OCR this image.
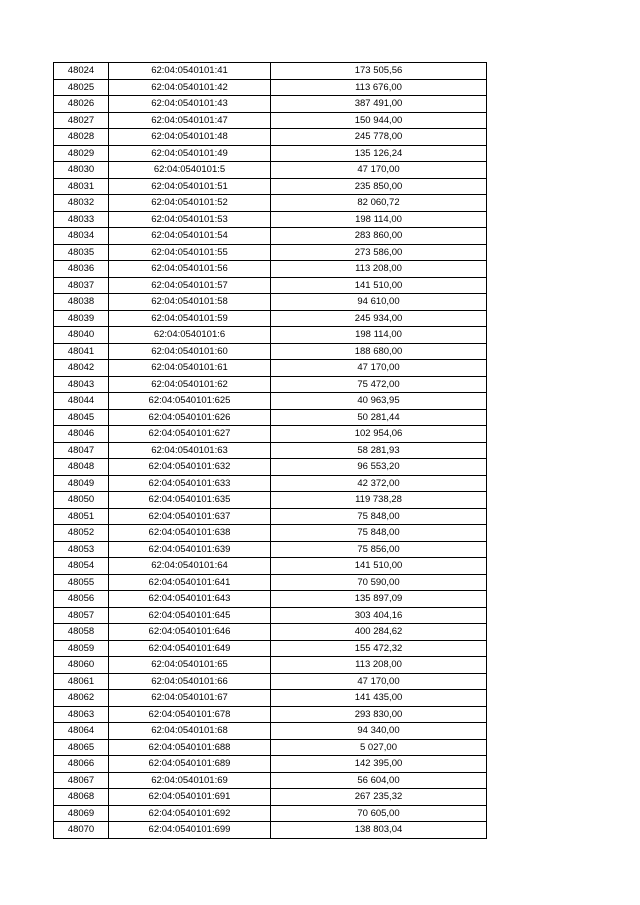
48024	62:04:0540101:41	173 505,56
48025	62:04:0540101:42	113 676,00
48026	62:04:0540101:43	387 491,00
48027	62:04:0540101:47	150 944,00
48028	62:04:0540101:48	245 778,00
48029	62:04:0540101:49	135 126,24
48030	62:04:0540101:5	47 170,00
48031	62:04:0540101:51	235 850,00
48032	62:04:0540101:52	82 060,72
48033	62:04:0540101:53	198 114,00
48034	62:04:0540101:54	283 860,00
48035	62:04:0540101:55	273 586,00
48036	62:04:0540101:56	113 208,00
48037	62:04:0540101:57	141 510,00
48038	62:04:0540101:58	94 610,00
48039	62:04:0540101:59	245 934,00
48040	62:04:0540101:6	198 114,00
48041	62:04:0540101:60	188 680,00
48042	62:04:0540101:61	47 170,00
48043	62:04:0540101:62	75 472,00
48044	62:04:0540101:625	40 963,95
48045	62:04:0540101:626	50 281,44
48046	62:04:0540101:627	102 954,06
48047	62:04:0540101:63	58 281,93
48048	62:04:0540101:632	96 553,20
48049	62:04:0540101:633	42 372,00
48050	62:04:0540101:635	119 738,28
48051	62:04:0540101:637	75 848,00
48052	62:04:0540101:638	75 848,00
48053	62:04:0540101:639	75 856,00
48054	62:04:0540101:64	141 510,00
48055	62:04:0540101:641	70 590,00
48056	62:04:0540101:643	135 897,09
48057	62:04:0540101:645	303 404,16
48058	62:04:0540101:646	400 284,62
48059	62:04:0540101:649	155 472,32
48060	62:04:0540101:65	113 208,00
48061	62:04:0540101:66	47 170,00
48062	62:04:0540101:67	141 435,00
48063	62:04:0540101:678	293 830,00
48064	62:04:0540101:68	94 340,00
48065	62:04:0540101:688	5 027,00
48066	62:04:0540101:689	142 395,00
48067	62:04:0540101:69	56 604,00
48068	62:04:0540101:691	267 235,32
48069	62:04:0540101:692	70 605,00
48070	62:04:0540101:699	138 803,04
